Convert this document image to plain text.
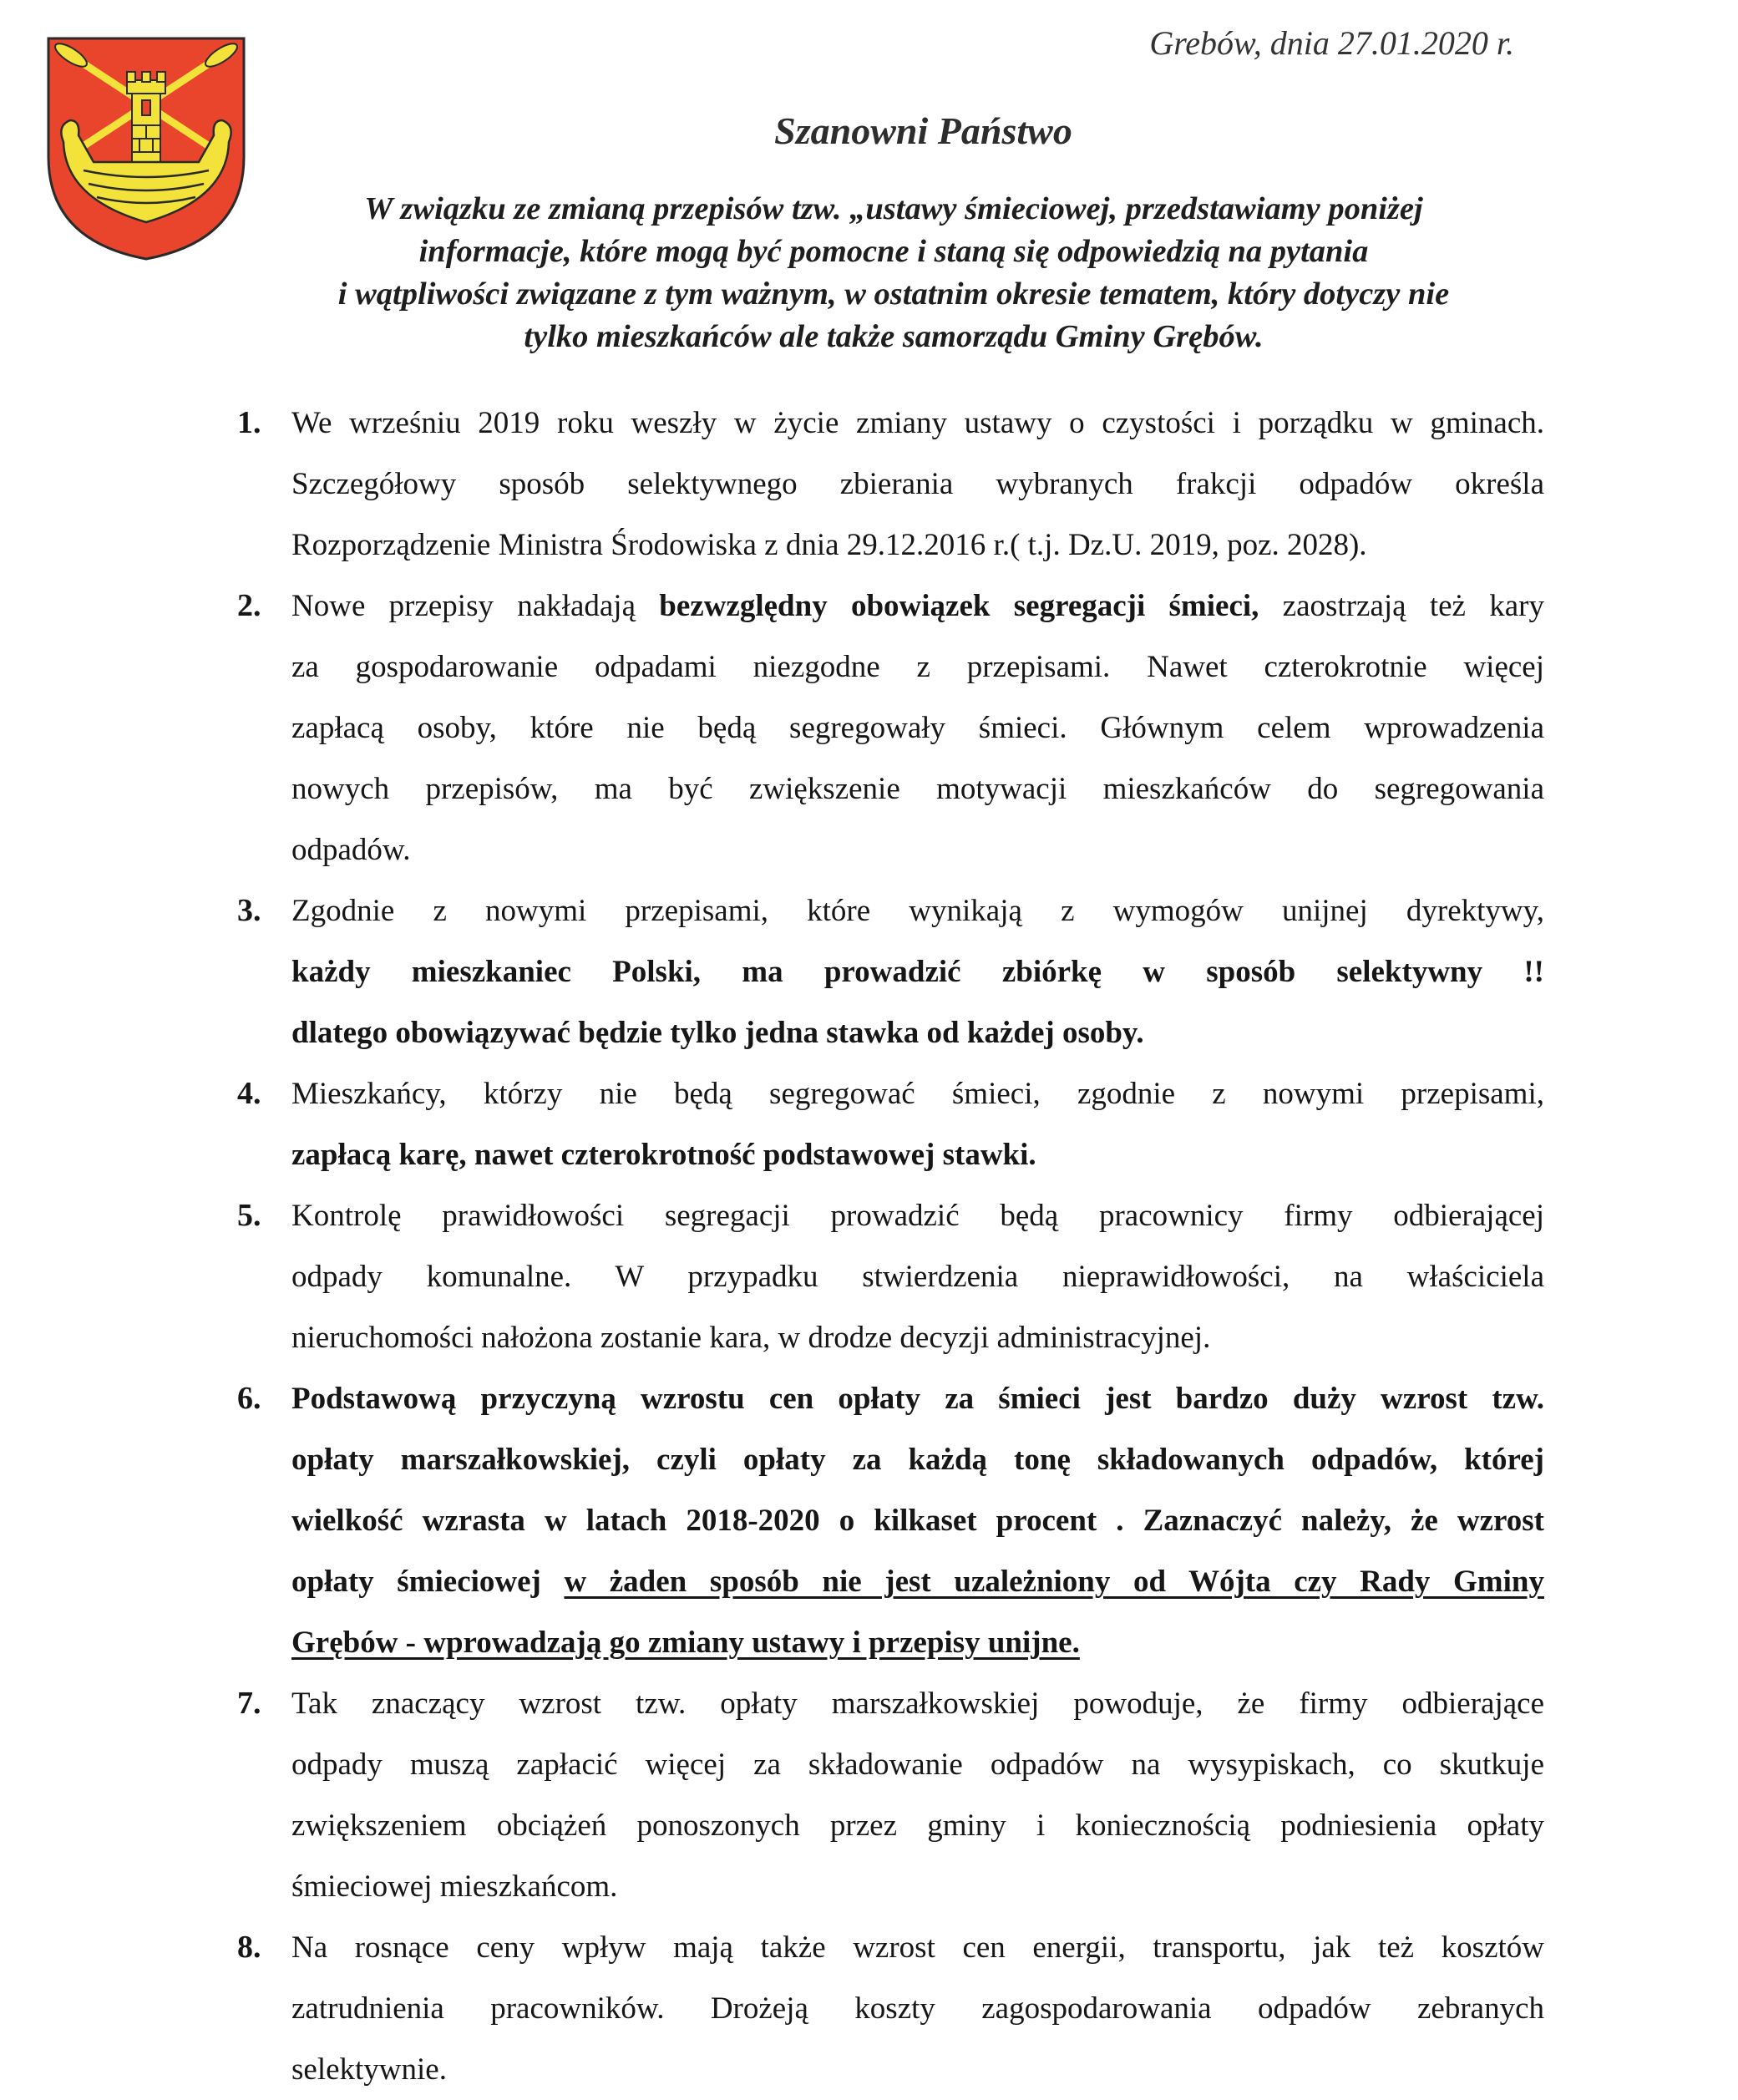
Grebów, dnia 27.01.2020 r.
Szanowni Państwo
W związku ze zmianą przepisów tzw. „ustawy śmieciowej, przedstawiamy poniżej
informacje, które mogą być pomocne i staną się odpowiedzią na pytania
i wątpliwości związane z tym ważnym, w ostatnim okresie tematem, który dotyczy nie
tylko mieszkańców ale także samorządu Gminy Grębów.
1. We wrześniu 2019 roku weszły w życie zmiany ustawy o czystości i porządku w gminach.
Szczegółowy sposób selektywnego zbierania wybranych frakcji odpadów określa
Rozporządzenie Ministra Środowiska z dnia 29.12.2016 r.( t.j. Dz.U. 2019, poz. 2028).
2. Nowe przepisy nakładają bezwzględny obowiązek segregacji śmieci, zaostrzają też kary
za gospodarowanie odpadami niezgodne z przepisami. Nawet czterokrotnie więcej
zapłacą osoby, które nie będą segregowały śmieci. Głównym celem wprowadzenia
nowych przepisów, ma być zwiększenie motywacji mieszkańców do segregowania
odpadów.
3. Zgodnie z nowymi przepisami, które wynikają z wymogów unijnej dyrektywy,
każdy mieszkaniec Polski, ma prowadzić zbiórkę w sposób selektywny !!
dlatego obowiązywać będzie tylko jedna stawka od każdej osoby.
4. Mieszkańcy, którzy nie będą segregować śmieci, zgodnie z nowymi przepisami,
zapłacą karę, nawet czterokrotność podstawowej stawki.
5. Kontrolę prawidłowości segregacji prowadzić będą pracownicy firmy odbierającej
odpady komunalne. W przypadku stwierdzenia nieprawidłowości, na właściciela
nieruchomości nałożona zostanie kara, w drodze decyzji administracyjnej.
6. Podstawową przyczyną wzrostu cen opłaty za śmieci jest bardzo duży wzrost tzw.
opłaty marszałkowskiej, czyli opłaty za każdą tonę składowanych odpadów, której
wielkość wzrasta w latach 2018-2020 o kilkaset procent . Zaznaczyć należy, że wzrost
opłaty śmieciowej w żaden sposób nie jest uzależniony od Wójta czy Rady Gminy
Grębów - wprowadzają go zmiany ustawy i przepisy unijne.
7. Tak znaczący wzrost tzw. opłaty marszałkowskiej powoduje, że firmy odbierające
odpady muszą zapłacić więcej za składowanie odpadów na wysypiskach, co skutkuje
zwiększeniem obciążeń ponoszonych przez gminy i koniecznością podniesienia opłaty
śmieciowej mieszkańcom.
8. Na rosnące ceny wpływ mają także wzrost cen energii, transportu, jak też kosztów
zatrudnienia pracowników. Drożeją koszty zagospodarowania odpadów zebranych
selektywnie.
